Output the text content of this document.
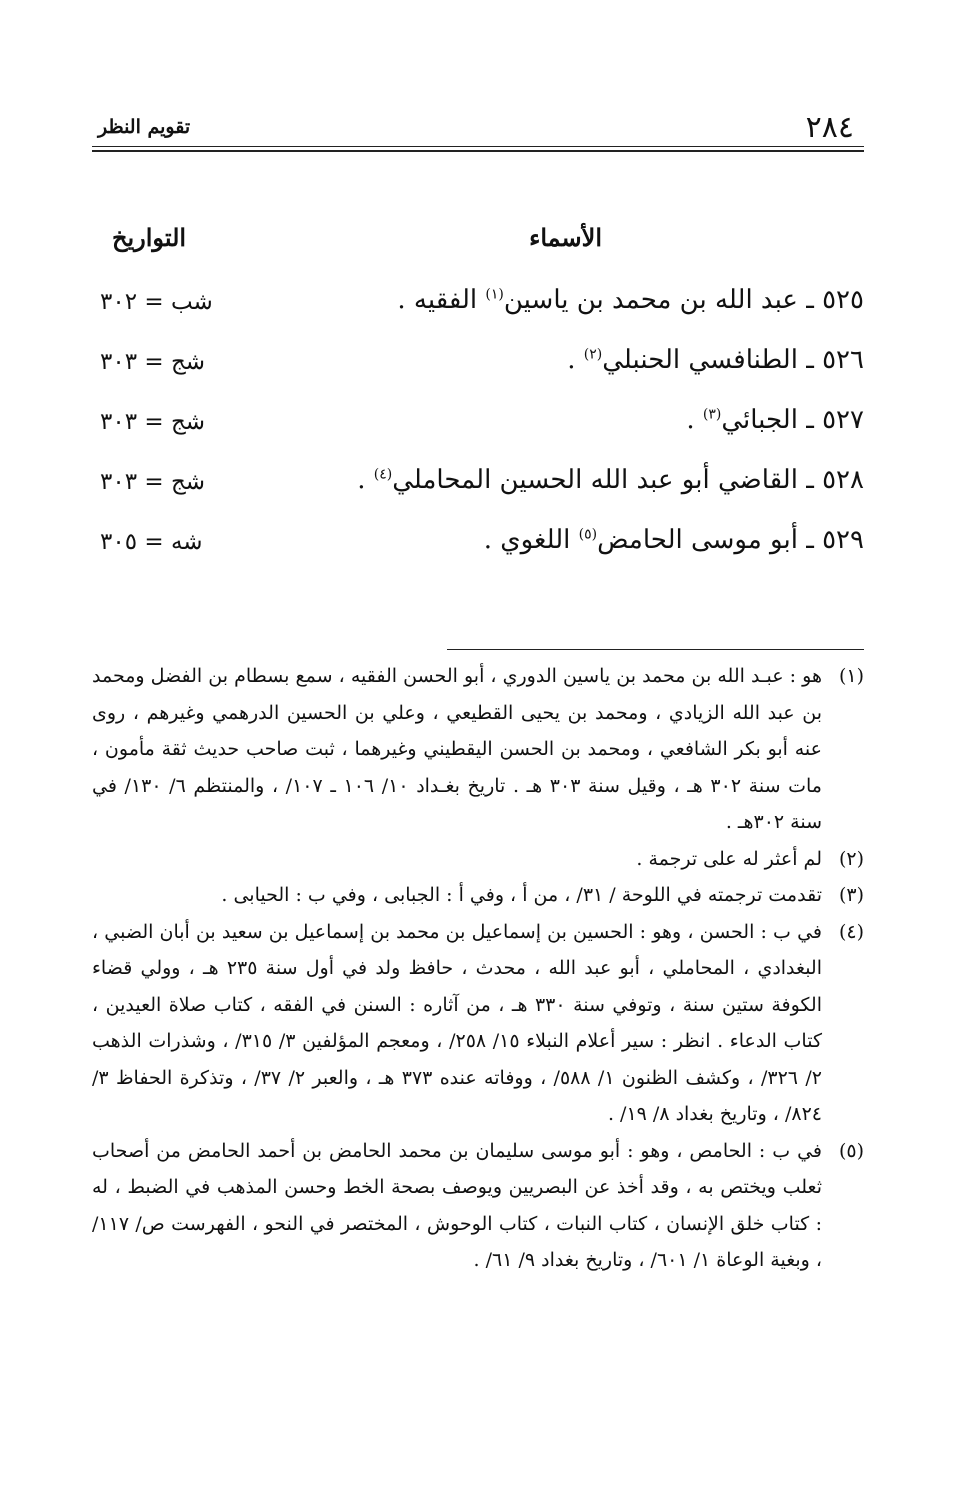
٢٨٤
تقويم النظر
الأسماء
التواريخ
٥٢٥ ـ عبد الله بن محمد بن ياسين$^{(١)}$ الفقيه .
شب = ٣٠٢
٥٢٦ ـ الطنافسي الحنبلي$^{(٢)}$ .
شج = ٣٠٣
٥٢٧ ـ الجبائي$^{(٣)}$ .
شج = ٣٠٣
٥٢٨ ـ القاضي أبو عبد الله الحسين المحاملي$^{(٤)}$ .
شج = ٣٠٣
٥٢٩ ـ أبو موسى الحامض$^{(٥)}$ اللغوي .
شه = ٣٠٥
(١)
هو : عبـد الله بن محمد بن ياسين الدوري ، أبو الحسن الفقيه ، سمع بسطام بن الفضل ومحمد بن عبد الله الزيادي ، ومحمد بن يحيى القطيعي ، وعلي بن الحسين الدرهمي وغيرهم ، روى عنه أبو بكر الشافعي ، ومحمد بن الحسن اليقطيني وغيرهما ، ثبت صاحب حديث ثقة مأمون ، مات سنة ٣٠٢ هـ ، وقيل سنة ٣٠٣ هـ . تاريخ بغـداد ١٠/ ١٠٦ ـ ١٠٧/ ، والمنتظم ٦/ ١٣٠/ في سنة ٣٠٢هـ .
(٢)
لم أعثر له على ترجمة .
(٣)
تقدمت ترجمته في اللوحة / ٣١/ ، من أ ، وفي أ : الجبابى ، وفي ب : الحيابى .
(٤)
في ب : الحسن ، وهو : الحسين بن إسماعيل بن محمد بن إسماعيل بن سعيد بن أبان الضبي ، البغدادي ، المحاملي ، أبو عبد الله ، محدث ، حافظ ولد في أول سنة ٢٣٥ هـ ، وولي قضاء الكوفة ستين سنة ، وتوفي سنة ٣٣٠ هـ ، من آثاره : السنن في الفقه ، كتاب صلاة العيدين ، كتاب الدعاء . انظر : سير أعلام النبلاء ١٥/ ٢٥٨/ ، ومعجم المؤلفين ٣/ ٣١٥/ ، وشذرات الذهب ٢/ ٣٢٦/ ، وكشف الظنون ١/ ٥٨٨/ ، ووفاته عنده ٣٧٣ هـ ، والعبر ٢/ ٣٧/ ، وتذكرة الحفاظ ٣/ ٨٢٤/ ، وتاريخ بغداد ٨/ ١٩/ .
(٥)
في ب : الحامص ، وهو : أبو موسى سليمان بن محمد الحامض بن أحمد الحامض من أصحاب ثعلب ويختص به ، وقد أخذ عن البصريين ويوصف بصحة الخط وحسن المذهب في الضبط ، له : كتاب خلق الإنسان ، كتاب النبات ، كتاب الوحوش ، المختصر في النحو ، الفهرست ص/ ١١٧/ ، وبغية الوعاة ١/ ٦٠١/ ، وتاريخ بغداد ٩/ ٦١/ .
